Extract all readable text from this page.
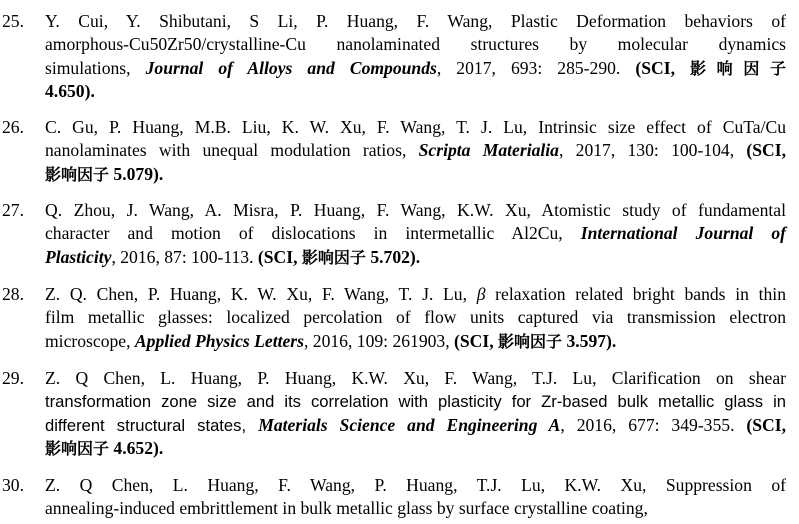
25. Y. Cui, Y. Shibutani, S Li, P. Huang, F. Wang, Plastic Deformation behaviors of
amorphous-Cu50Zr50/crystalline-Cu nanolaminated structures by molecular dynamics
simulations, Journal of Alloys and Compounds, 2017, 693: 285-290. (SCI, 影响因子
4.650).
26. C. Gu, P. Huang, M.B. Liu, K. W. Xu, F. Wang, T. J. Lu, Intrinsic size effect of CuTa/Cu
nanolaminates with unequal modulation ratios, Scripta Materialia, 2017, 130: 100-104, (SCI,
影响因子 5.079).
27. Q. Zhou, J. Wang, A. Misra, P. Huang, F. Wang, K.W. Xu, Atomistic study of fundamental
character and motion of dislocations in intermetallic Al2Cu, International Journal of
Plasticity, 2016, 87: 100-113. (SCI, 影响因子 5.702).
28. Z. Q. Chen, P. Huang, K. W. Xu, F. Wang, T. J. Lu, β relaxation related bright bands in thin
film metallic glasses: localized percolation of flow units captured via transmission electron
microscope, Applied Physics Letters, 2016, 109: 261903, (SCI, 影响因子 3.597).
29. Z. Q Chen, L. Huang, P. Huang, K.W. Xu, F. Wang, T.J. Lu, Clarification on shear
transformation zone size and its correlation with plasticity for Zr-based bulk metallic glass in
different structural states, Materials Science and Engineering A, 2016, 677: 349-355. (SCI,
影响因子 4.652).
30. Z. Q Chen, L. Huang, F. Wang, P. Huang, T.J. Lu, K.W. Xu, Suppression of
annealing-induced embrittlement in bulk metallic glass by surface crystalline coating,
